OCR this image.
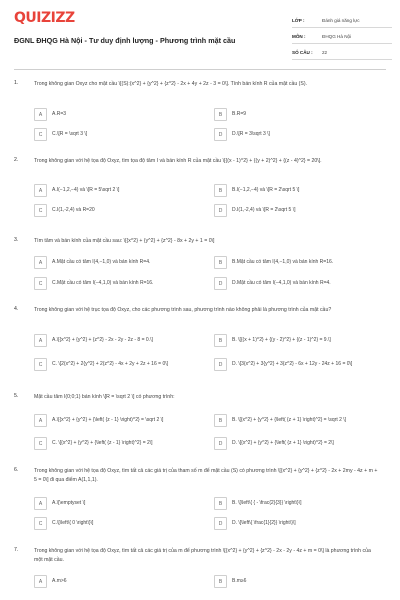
QUIZIZZ
ĐGNL ĐHQG Hà Nội - Tư duy định lượng - Phương trình mặt cầu
LỚP :	Đánh giá năng lực
MÔN :	ĐHQG Hà Nội
SỐ CÂU :	22
1.	Trong không gian Oxyz cho mặt cầu \[(S):{x^2} + {y^2} + {z^2} - 2x + 4y + 2z - 3 = 0\]. Tính bán kính R của mặt cầu (S).
A	A.R=3	B	B.R=9
C	C.\[R = \sqrt 3 \]	D	D.\[R = 3\sqrt 3 \]
2.	Trong không gian với hệ tọa độ Oxyz, tìm tọa độ tâm I và bán kính R của mặt cầu \[{(x - 1)^2} + {(y + 2)^2} + {(z - 4)^2} = 20\].
A	A.I(−1,2,−4) và \[R = 5\sqrt 2 \]	B	B.I(−1,2,−4) và \[R = 2\sqrt 5 \]
C	C.I(1,-2,4) và R=20	D	D.I(1,-2,4) và \[R = 2\sqrt 5 \]
3.	Tìm tâm và bán kính của mặt cầu sau: \[{x^2} + {y^2} + {z^2} - 8x + 2y + 1 = 0\]
A	A.Mặt cầu có tâm I(4,−1,0) và bán kính R=4.	B	B.Mặt cầu có tâm I(4,−1,0) và bán kính R=16.
C	C.Mặt cầu có tâm I(−4,1,0) và bán kính R=16.	D	D.Mặt cầu có tâm I(−4,1,0) và bán kính R=4.
4.	Trong không gian với hệ trục tọa độ Oxyz, cho các phương trình sau, phương trình nào không phải là phương trình của mặt cầu?
A	A.\[{x^2} + {y^2} + {z^2} - 2x - 2y - 2z - 8 = 0.\]	B	B. \[{(x + 1)^2} + {(y - 2)^2} + {(z - 1)^2} = 9.\]
C	C. \[2{x^2} + 2{y^2} + 2{z^2} - 4x + 2y + 2z + 16 = 0\]	D	D. \[3{x^2} + 3{y^2} + 3{z^2} - 6x + 12y - 24z + 16 = 0\]
5.	Mặt cầu tâm I(0;0;1) bán kính \[R = \sqrt 2 \] có phương trình:
A	A.\[{x^2} + {y^2} + {\left( {z - 1} \right)^2} = \sqrt 2 \]	B	B. \[{x^2} + {y^2} + {\left( {z + 1} \right)^2} = \sqrt 2 \]
C	C. \[{x^2} + {y^2} + {\left( {z - 1} \right)^2} = 2\]	D	D. \[{x^2} + {y^2} + {\left( {z + 1} \right)^2} = 2\]
6.	Trong không gian với hệ tọa độ Oxyz, tìm tất cả các giá trị của tham số m để mặt cầu (S) có phương trình \[{x^2} + {y^2} + {z^2} - 2x + 2my - 4z + m + 5 = 0\] đi qua điểm A(1,1,1).
A	A.\[\emptyset \]	B	B. \[\left\{ { - \frac{2}{3}} \right\}\]
C	C.\[\left\{ 0 \right\}\]	D	D. \[\left\{ \frac{1}{2}} \right\}\]
7.	Trong không gian với hệ tọa độ Oxyz, tìm tất cả các giá trị của m để phương trình \[{x^2} + {y^2} + {z^2} - 2x - 2y - 4z + m = 0\] là phương trình của một mặt cầu.
A	A.m>6	B	B.m≥6
